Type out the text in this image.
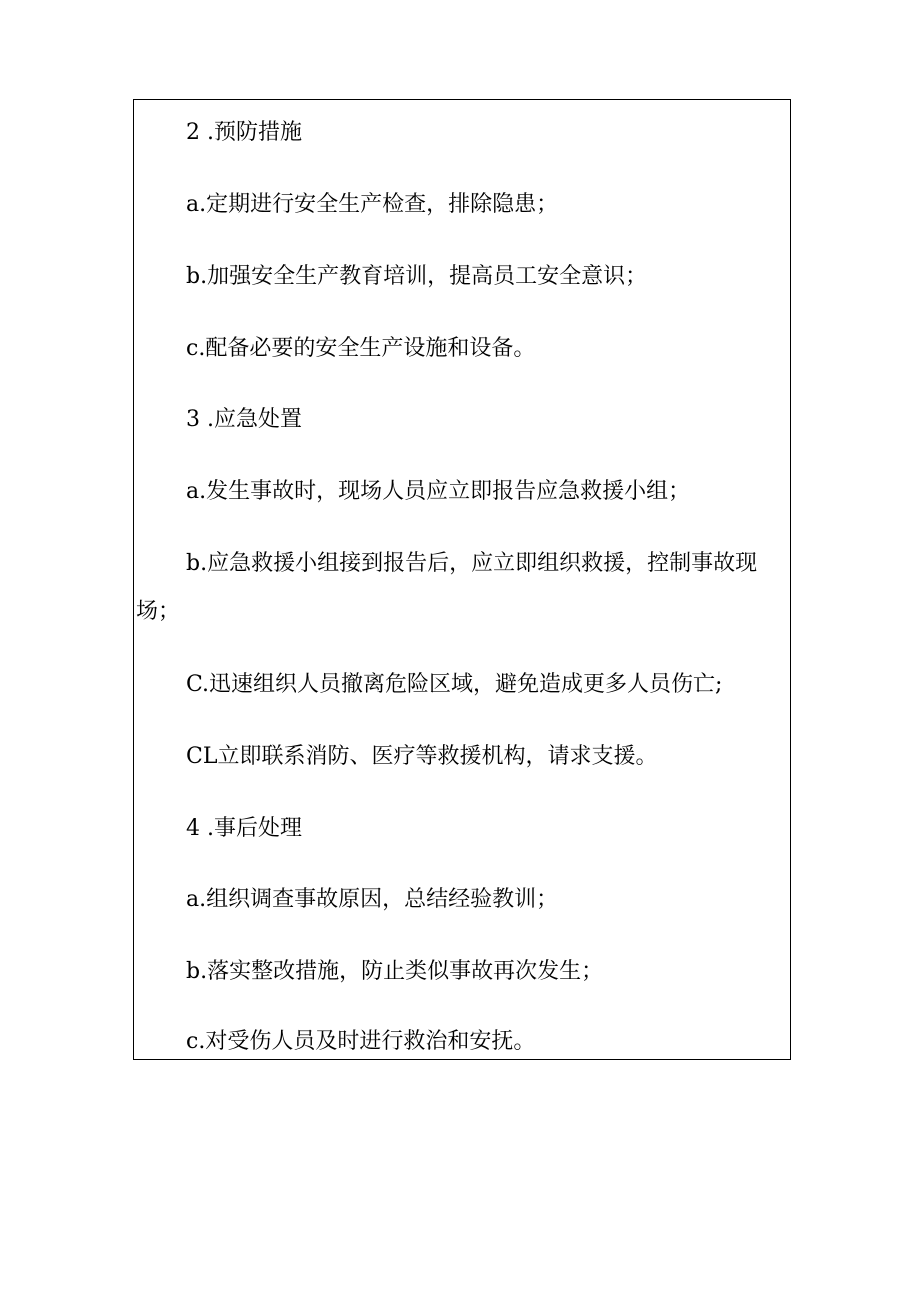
2 .预防措施
a.定期进行安全生产检查，排除隐患；
b.加强安全生产教育培训，提高员工安全意识；
c.配备必要的安全生产设施和设备。
3 .应急处置
a.发生事故时，现场人员应立即报告应急救援小组；
b.应急救援小组接到报告后，应立即组织救援，控制事故现
场；
C.迅速组织人员撤离危险区域，避免造成更多人员伤亡;
CL立即联系消防、医疗等救援机构，请求支援。
4 .事后处理
a.组织调查事故原因，总结经验教训；
b.落实整改措施，防止类似事故再次发生；
c.对受伤人员及时进行救治和安抚。
